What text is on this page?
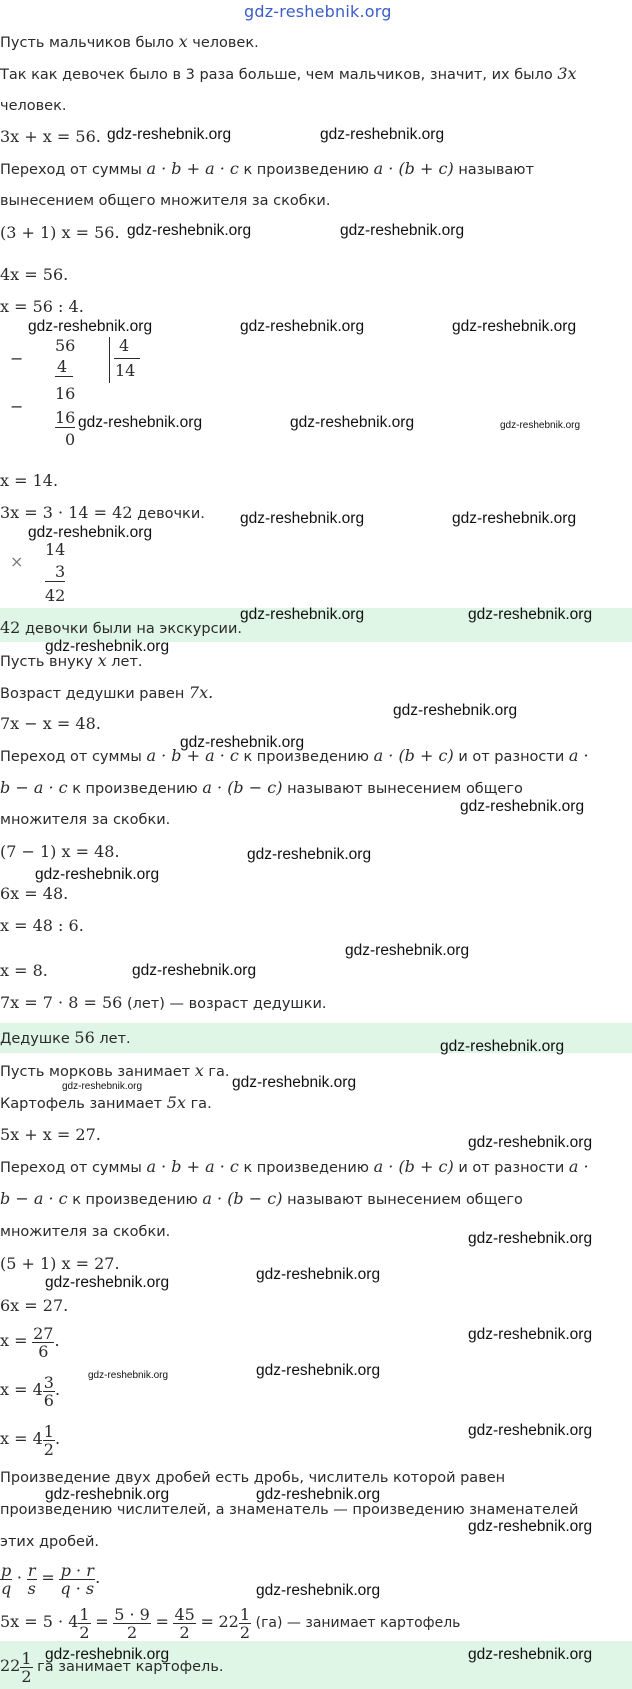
gdz-reshebnik.org
Пусть мальчиков было x человек.
Так как девочек было в 3 раза больше, чем мальчиков, значит, их было 3x
человек.
3x + x = 56.
Переход от суммы a · b + a · c к произведению a · (b + c) называют
вынесением общего множителя за скобки.
(3 + 1) x = 56.
4x = 56.
x = 56 : 4.
−
56
4
16
−
16
0
4
14
x = 14.
3x = 3 · 14 = 42 девочки.
×
14
3
42
42 девочки были на экскурсии.
Пусть внуку x лет.
Возраст дедушки равен 7x.
7x − x = 48.
Переход от суммы a · b + a · c к произведению a · (b + c) и от разности a ·
b − a · c к произведению a · (b − c) называют вынесением общего
множителя за скобки.
(7 − 1) x = 48.
6x = 48.
x = 48 : 6.
x = 8.
7x = 7 · 8 = 56 (лет) — возраст дедушки.
Дедушке 56 лет.
Пусть морковь занимает x га.
Картофель занимает 5x га.
5x + x = 27.
Переход от суммы a · b + a · c к произведению a · (b + c) и от разности a ·
b − a · c к произведению a · (b − c) называют вынесением общего
множителя за скобки.
(5 + 1) x = 27.
6x = 27.
$x = \frac{27}{6}$ .
$x = 4 \frac{3}{6}$ .
$x = 4 \frac{1}{2}$ .
Произведение двух дробей есть дробь, числитель которой равен
произведению числителей, а знаменатель — произведению знаменателей
этих дробей.
$\frac{p}{q} \cdot \frac{r}{s} = \frac{p \cdot r}{q \cdot s}$ .
$5x = 5 \cdot 4 \frac{1}{2} = \frac{5 \cdot 9}{2} = \frac{45}{2} = 22 \frac{1}{2} (га)$ — занимает картофель
$22 \frac{1}{2}$ га занимает картофель.
gdz-reshebnik.org	gdz-reshebnik.org
gdz-reshebnik.org	gdz-reshebnik.org
gdz-reshebnik.org	gdz-reshebnik.org	gdz-reshebnik.org
gdz-reshebnik.org	gdz-reshebnik.org	gdz-reshebnik.org
gdz-reshebnik.org	gdz-reshebnik.org
gdz-reshebnik.org
gdz-reshebnik.org	gdz-reshebnik.org
gdz-reshebnik.org
gdz-reshebnik.org
gdz-reshebnik.org
gdz-reshebnik.org
gdz-reshebnik.org
gdz-reshebnik.org
gdz-reshebnik.org
gdz-reshebnik.org
gdz-reshebnik.org
gdz-reshebnik.org	gdz-reshebnik.org
gdz-reshebnik.org
gdz-reshebnik.org
gdz-reshebnik.org
gdz-reshebnik.org
gdz-reshebnik.org
gdz-reshebnik.org	gdz-reshebnik.org
gdz-reshebnik.org
gdz-reshebnik.org	gdz-reshebnik.org
gdz-reshebnik.org
gdz-reshebnik.org
gdz-reshebnik.org
gdz-reshebnik.org
